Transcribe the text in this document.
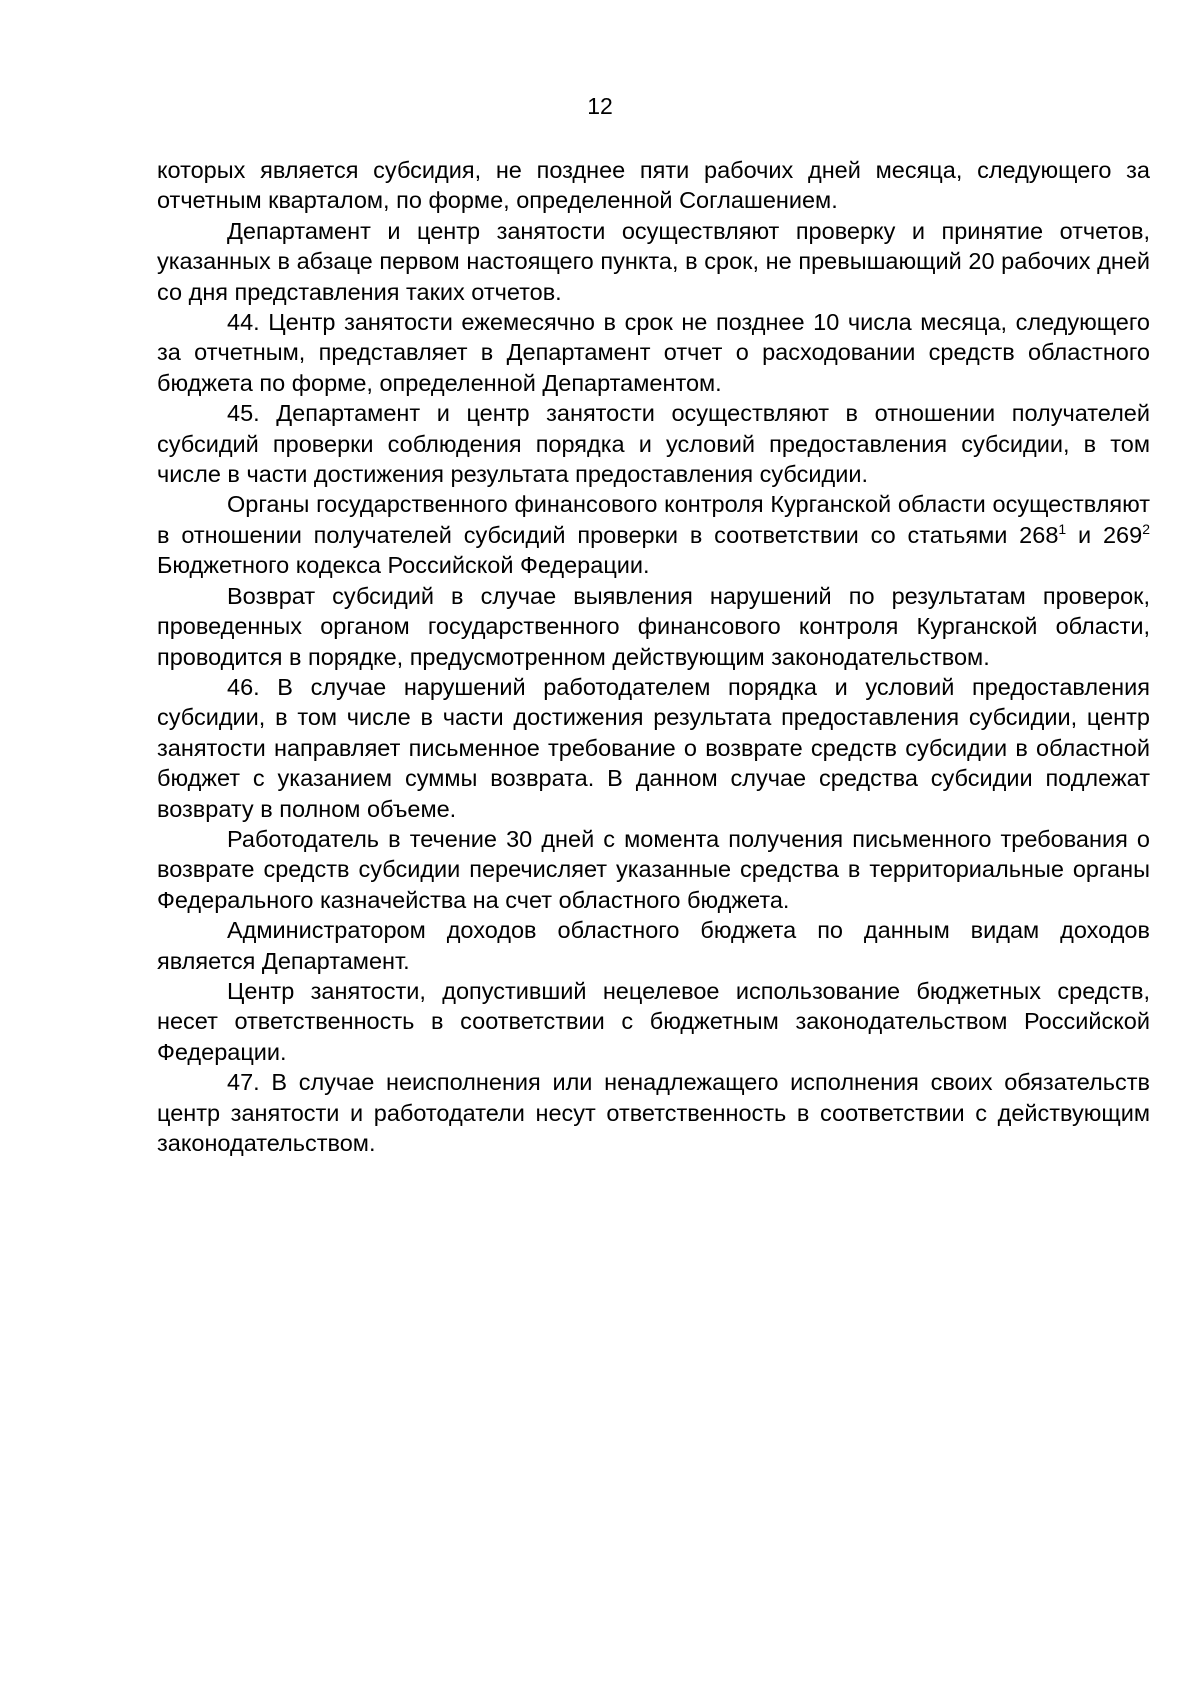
12

которых является субсидия, не позднее пяти рабочих дней месяца, следующего за отчетным кварталом, по форме, определенной Соглашением.

Департамент и центр занятости осуществляют проверку и принятие отчетов, указанных в абзаце первом настоящего пункта, в срок, не превышающий 20 рабочих дней со дня представления таких отчетов.

44. Центр занятости ежемесячно в срок не позднее 10 числа месяца, следующего за отчетным, представляет в Департамент отчет о расходовании средств областного бюджета по форме, определенной Департаментом.

45. Департамент и центр занятости осуществляют в отношении получателей субсидий проверки соблюдения порядка и условий предоставления субсидии, в том числе в части достижения результата предоставления субсидии.

Органы государственного финансового контроля Курганской области осуществляют в отношении получателей субсидий проверки в соответствии со статьями $268^1$ и $269^2$ Бюджетного кодекса Российской Федерации.

Возврат субсидий в случае выявления нарушений по результатам проверок, проведенных органом государственного финансового контроля Курганской области, проводится в порядке, предусмотренном действующим законодательством.

46. В случае нарушений работодателем порядка и условий предоставления субсидии, в том числе в части достижения результата предоставления субсидии, центр занятости направляет письменное требование о возврате средств субсидии в областной бюджет с указанием суммы возврата. В данном случае средства субсидии подлежат возврату в полном объеме.

Работодатель в течение 30 дней с момента получения письменного требования о возврате средств субсидии перечисляет указанные средства в территориальные органы Федерального казначейства на счет областного бюджета.

Администратором доходов областного бюджета по данным видам доходов является Департамент.

Центр занятости, допустивший нецелевое использование бюджетных средств, несет ответственность в соответствии с бюджетным законодательством Российской Федерации.

47. В случае неисполнения или ненадлежащего исполнения своих обязательств центр занятости и работодатели несут ответственность в соответствии с действующим законодательством.
